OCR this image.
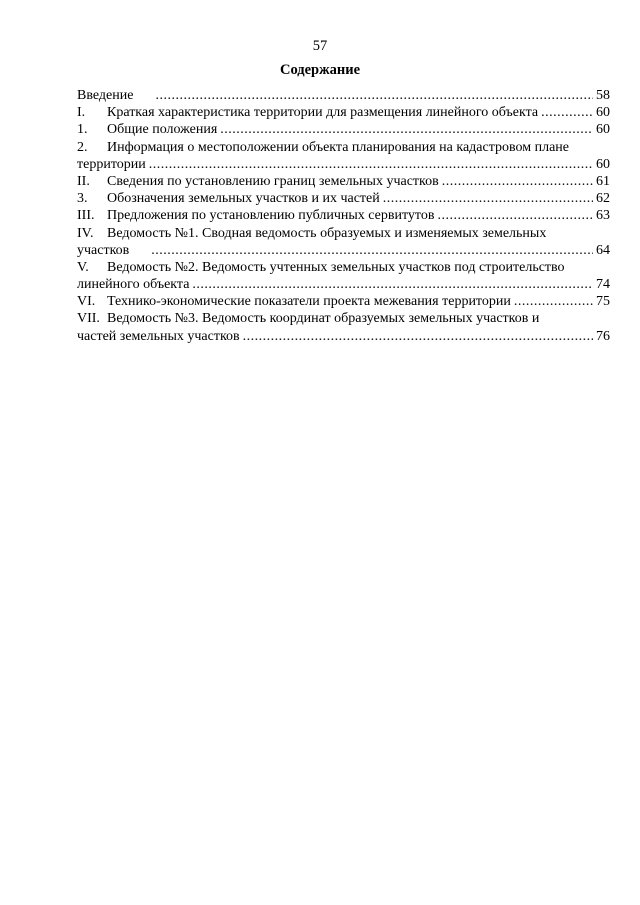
57
Содержание
Введение .....	58
I.	Краткая характеристика территории для размещения линейного объекта .....	60
1.	Общие положения .....	60
2.	Информация о местоположении объекта планирования на кадастровом плане
территории .....	60
II.	Сведения по установлению границ земельных участков .....	61
3.	Обозначения земельных участков и их частей .....	62
III. Предложения по установлению публичных сервитутов .....	63
IV. Ведомость №1. Сводная ведомость образуемых и изменяемых земельных
участков .....	64
V.	Ведомость №2. Ведомость учтенных земельных участков под строительство
линейного объекта .....	74
VI. Технико-экономические показатели проекта межевания территории .....	75
VII. Ведомость №3. Ведомость координат образуемых земельных участков и
частей земельных участков .....	76
